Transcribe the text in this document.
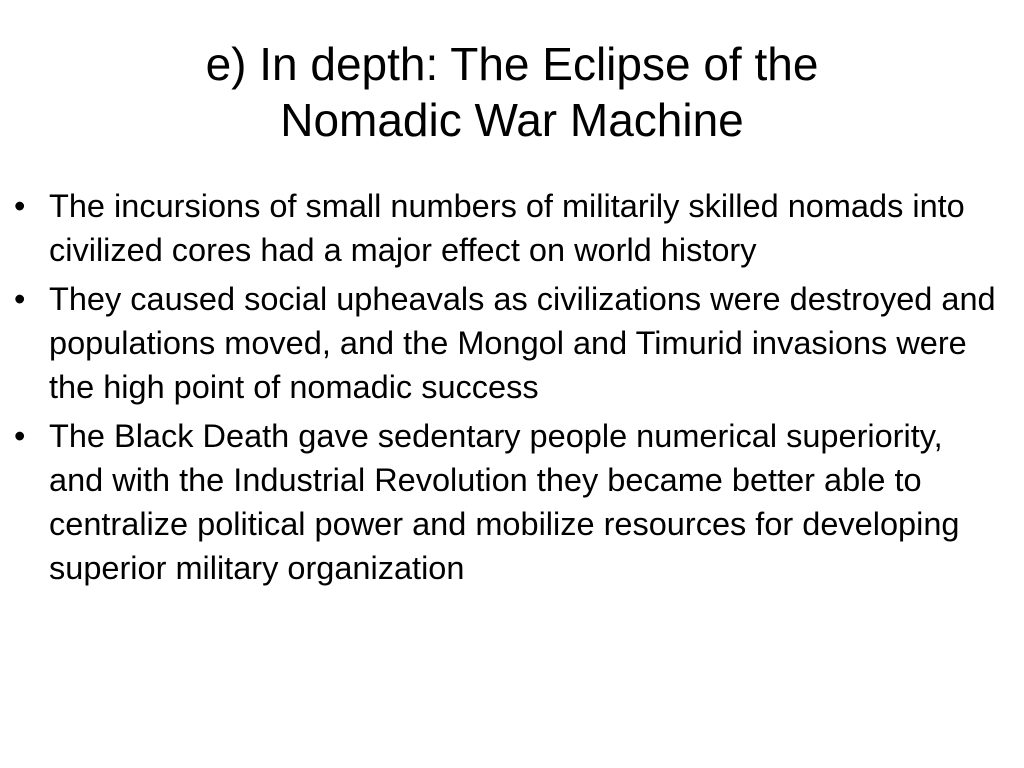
e) In depth: The Eclipse of the
Nomadic War Machine
• The incursions of small numbers of militarily skilled nomads into civilized cores had a major effect on world history
• They caused social upheavals as civilizations were destroyed and populations moved, and the Mongol and Timurid invasions were the high point of nomadic success
• The Black Death gave sedentary people numerical superiority, and with the Industrial Revolution they became better able to centralize political power and mobilize resources for developing superior military organization
